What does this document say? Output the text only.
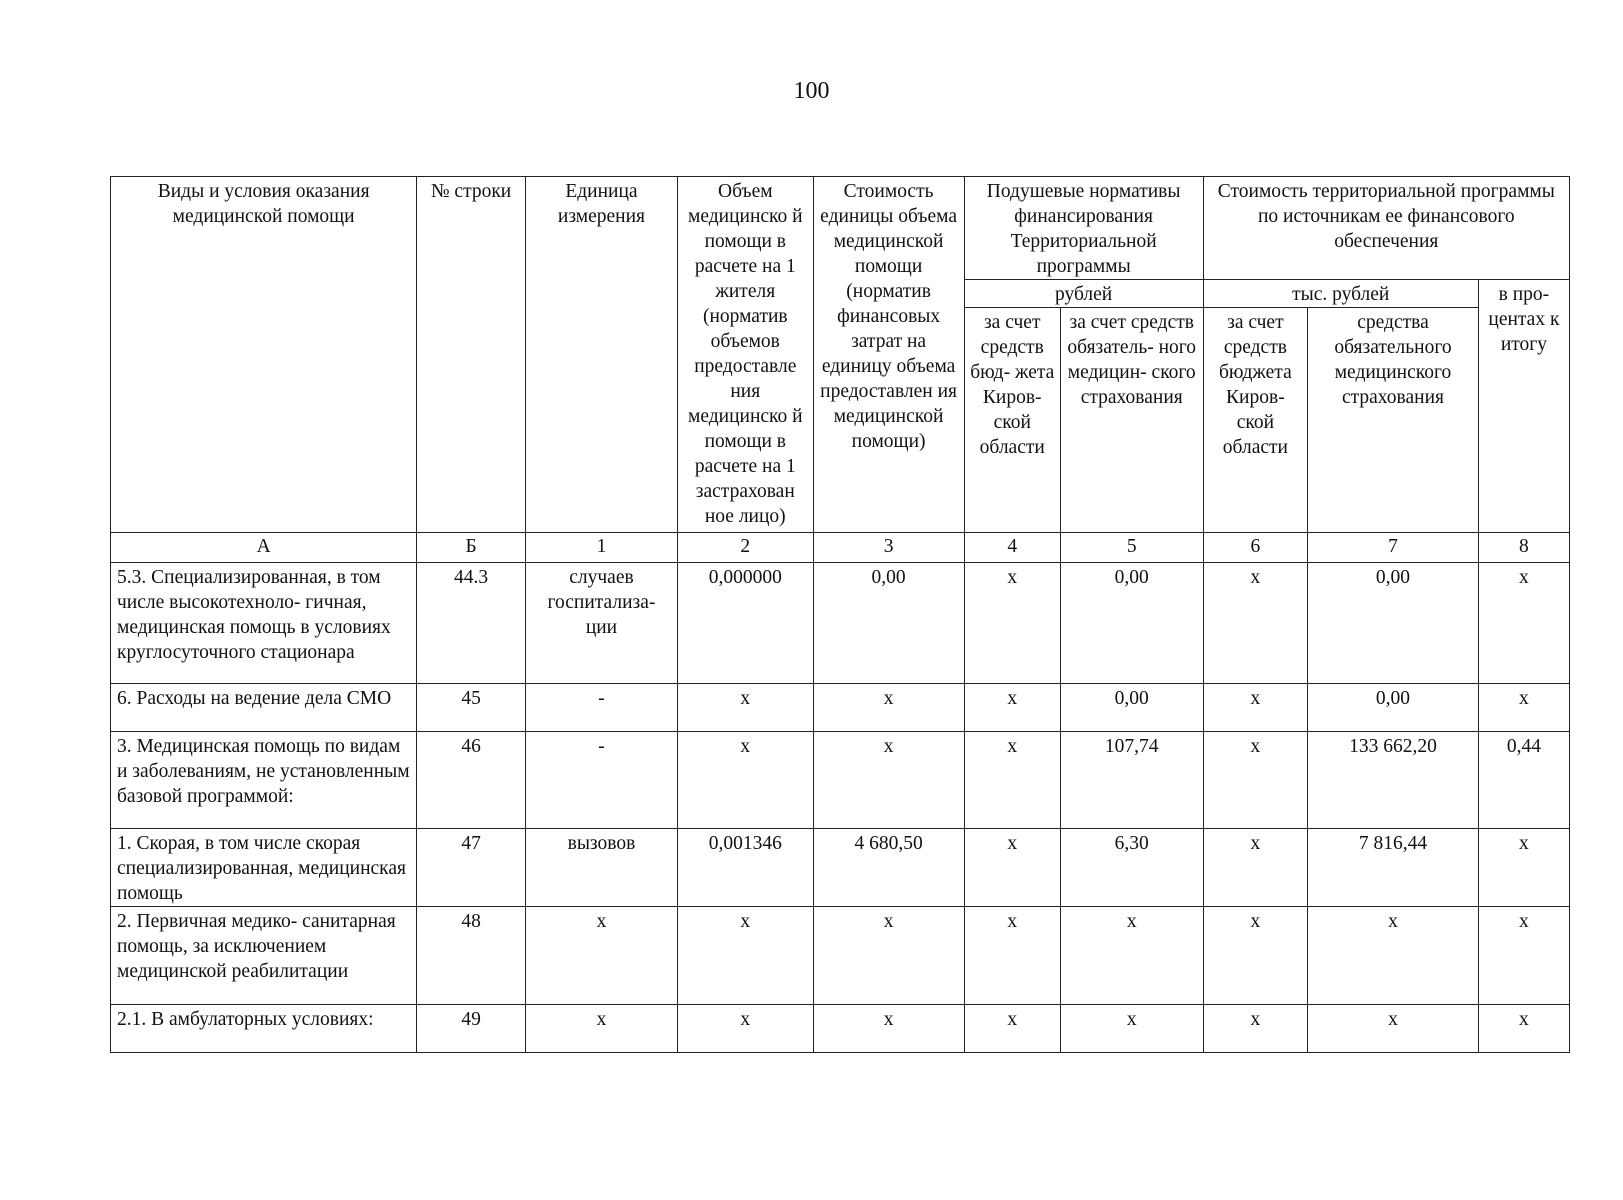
100
Виды и условия оказания медицинской помощи	№ строки	Единица измерения	Объем медицинско й помощи в расчете на 1 жителя (норматив объемов предоставле ния медицинско й помощи в расчете на 1 застрахован ное лицо)	Стоимость единицы объема медицинской помощи (норматив финансовых затрат на единицу объема предоставлен ия медицинской помощи)	Подушевые нормативы финансирования Территориальной программы		Стоимость территориальной программы по источникам ее финансового обеспечения		
					рублей		тыс. рублей		в про- центах к итогу
					за счет средств бюд- жета Киров- ской области	за счет средств обязатель- ного медицин- ского страхования	за счет средств бюджета Киров- ской области	средства обязательного медицинского страхования	
А	Б	1	2	3	4	5	6	7	8
5.3. Специализированная, в том числе высокотехноло- гичная, медицинская помощь в условиях круглосуточного стационара	44.3	случаев госпитализа- ции	0,000000	0,00	x	0,00	x	0,00	x
6. Расходы на ведение дела СМО	45	-	x	x	x	0,00	x	0,00	x
3. Медицинская помощь по видам и заболеваниям, не установленным базовой программой:	46	-	x	x	x	107,74	x	133 662,20	0,44
1. Скорая, в том числе скорая специализированная, медицинская помощь	47	вызовов	0,001346	4 680,50	x	6,30	x	7 816,44	x
2. Первичная медико- санитарная помощь, за исключением медицинской реабилитации	48	x	x	x	x	x	x	x	x
2.1. В амбулаторных условиях:	49	x	x	x	x	x	x	x	x
